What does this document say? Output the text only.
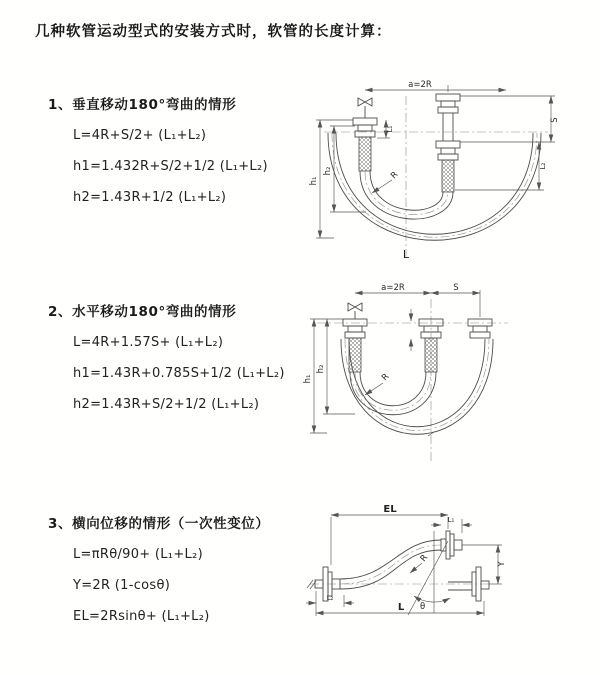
几种软管运动型式的安装方式时，软管的长度计算：
1、垂直移动180°弯曲的情形
L=4R+S/2+ (L₁+L₂)
h1=1.432R+S/2+1/2 (L₁+L₂)
h2=1.43R+1/2 (L₁+L₂)
2、水平移动180°弯曲的情形
L=4R+1.57S+ (L₁+L₂)
h1=1.43R+0.785S+1/2 (L₁+L₂)
h2=1.43R+S/2+1/2 (L₁+L₂)
3、横向位移的情形（一次性变位）
L=πRθ/90+ (L₁+L₂)
Y=2R (1-cosθ)
EL=2Rsinθ+ (L₁+L₂)
a=2R
R
L
h₁
h₂
L₁
S
L₂
a=2R	S
R
h₁
h₂
EL
L₁
θ
R
Y
L₂
L
